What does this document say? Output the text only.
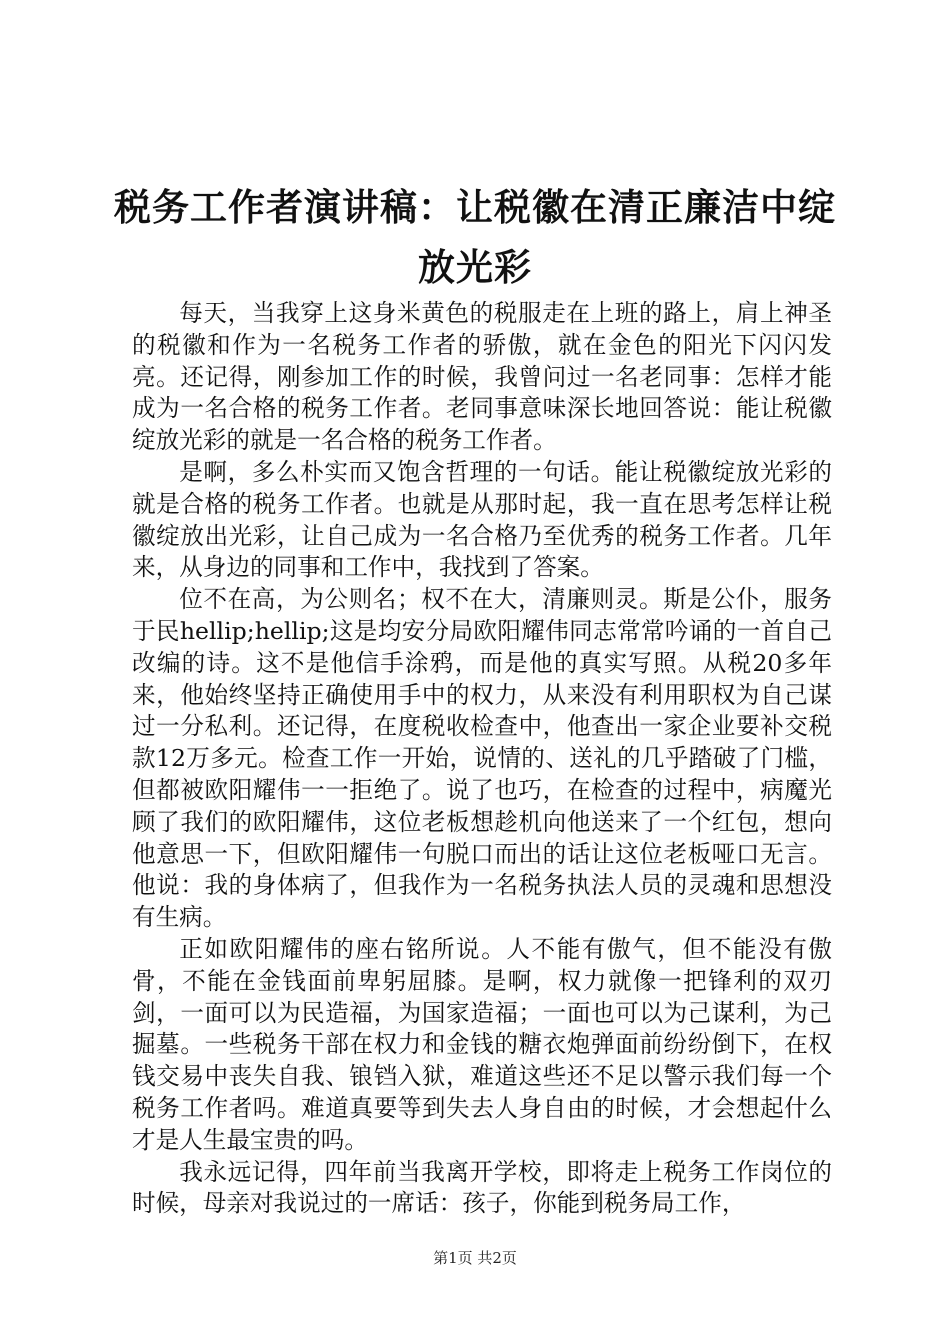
税务工作者演讲稿：让税徽在清正廉洁中绽放光彩

每天，当我穿上这身米黄色的税服走在上班的路上，肩上神圣的税徽和作为一名税务工作者的骄傲，就在金色的阳光下闪闪发亮。还记得，刚参加工作的时候，我曾问过一名老同事：怎样才能成为一名合格的税务工作者。老同事意味深长地回答说：能让税徽绽放光彩的就是一名合格的税务工作者。

是啊，多么朴实而又饱含哲理的一句话。能让税徽绽放光彩的就是合格的税务工作者。也就是从那时起，我一直在思考怎样让税徽绽放出光彩，让自己成为一名合格乃至优秀的税务工作者。几年来，从身边的同事和工作中，我找到了答案。

位不在高，为公则名；权不在大，清廉则灵。斯是公仆，服务于民hellip;hellip;这是均安分局欧阳耀伟同志常常吟诵的一首自己改编的诗。这不是他信手涂鸦，而是他的真实写照。从税20多年来，他始终坚持正确使用手中的权力，从来没有利用职权为自己谋过一分私利。还记得，在度税收检查中，他查出一家企业要补交税款12万多元。检查工作一开始，说情的、送礼的几乎踏破了门槛，但都被欧阳耀伟一一拒绝了。说了也巧，在检查的过程中，病魔光顾了我们的欧阳耀伟，这位老板想趁机向他送来了一个红包，想向他意思一下，但欧阳耀伟一句脱口而出的话让这位老板哑口无言。他说：我的身体病了，但我作为一名税务执法人员的灵魂和思想没有生病。

正如欧阳耀伟的座右铭所说。人不能有傲气，但不能没有傲骨，不能在金钱面前卑躬屈膝。是啊，权力就像一把锋利的双刃剑，一面可以为民造福，为国家造福；一面也可以为己谋利，为己掘墓。一些税务干部在权力和金钱的糖衣炮弹面前纷纷倒下，在权钱交易中丧失自我、锒铛入狱，难道这些还不足以警示我们每一个税务工作者吗。难道真要等到失去人身自由的时候，才会想起什么才是人生最宝贵的吗。

我永远记得，四年前当我离开学校，即将走上税务工作岗位的时候，母亲对我说过的一席话：孩子，你能到税务局工作，

第1页 共2页
